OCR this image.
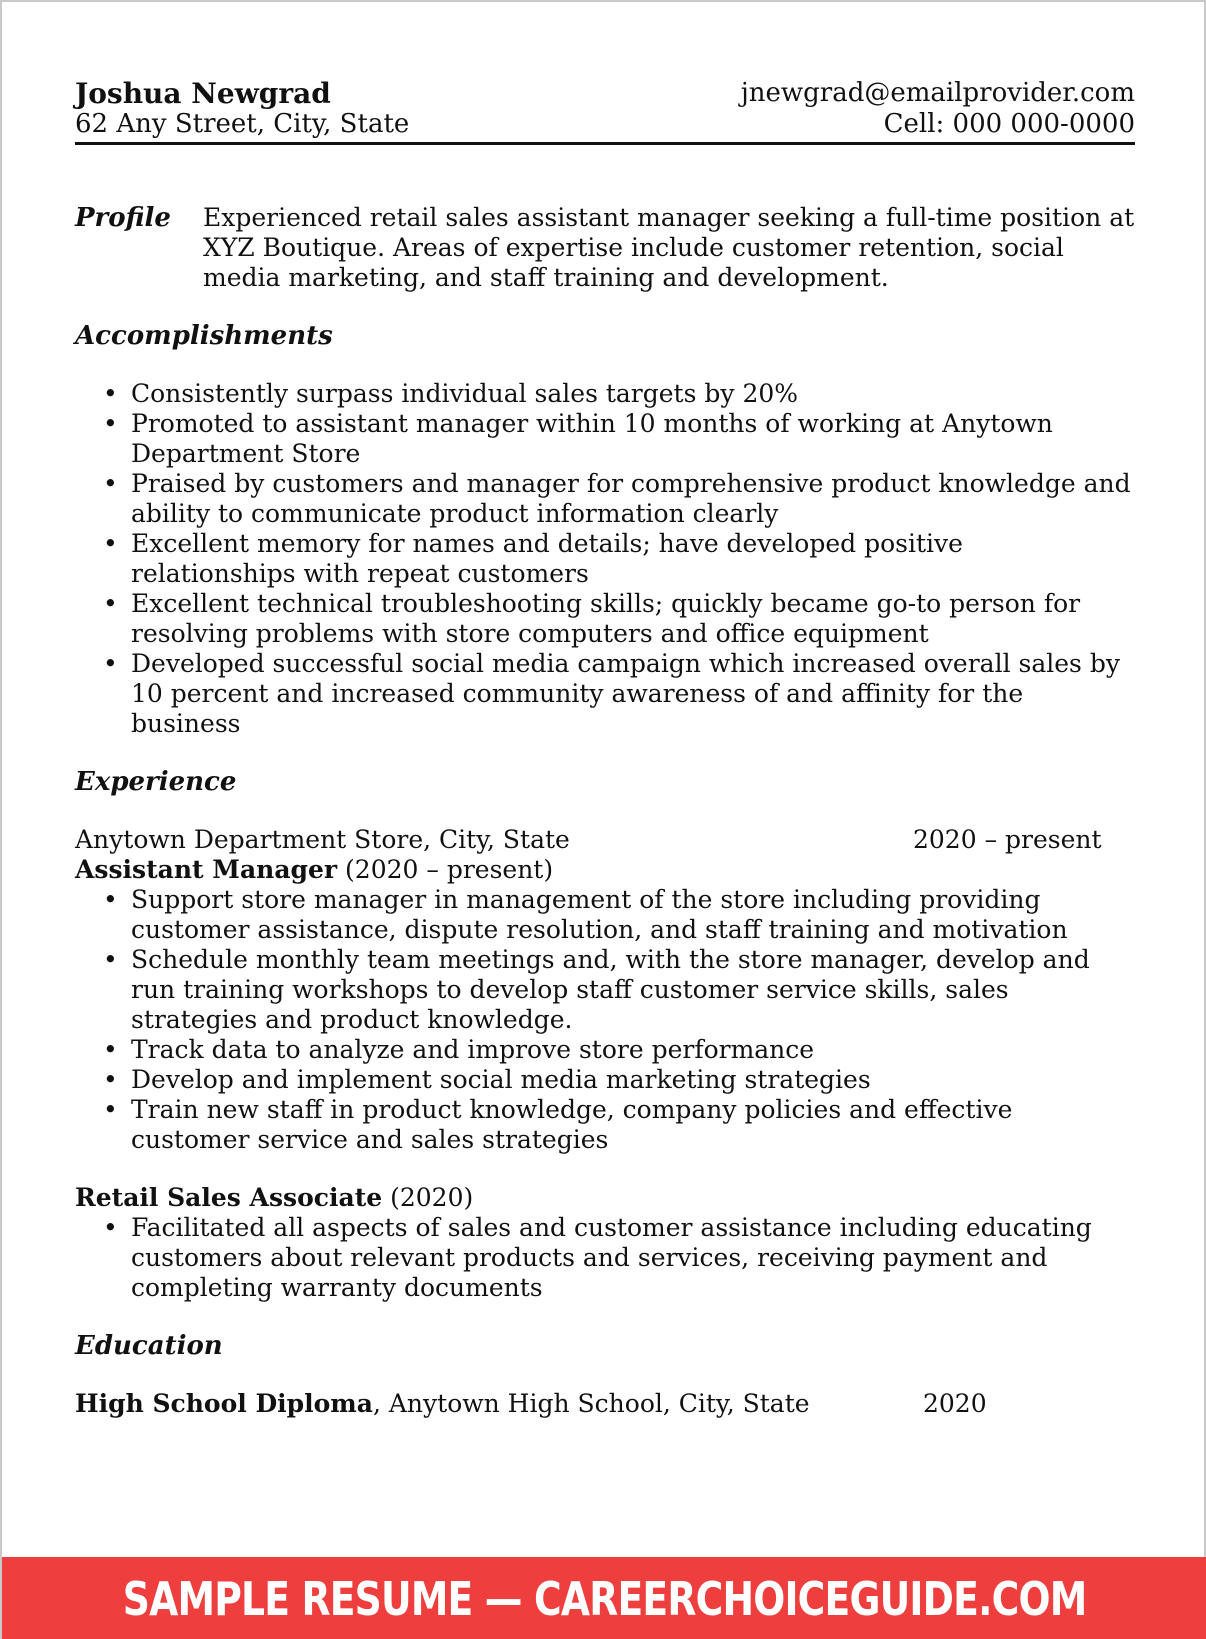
Joshua Newgrad
62 Any Street, City, State
jnewgrad@emailprovider.com
Cell: 000 000-0000
Profile	Experienced retail sales assistant manager seeking a full-time position at XYZ Boutique. Areas of expertise include customer retention, social media marketing, and staff training and development.
Accomplishments
• Consistently surpass individual sales targets by 20%
• Promoted to assistant manager within 10 months of working at Anytown Department Store
• Praised by customers and manager for comprehensive product knowledge and ability to communicate product information clearly
• Excellent memory for names and details; have developed positive relationships with repeat customers
• Excellent technical troubleshooting skills; quickly became go-to person for resolving problems with store computers and office equipment
• Developed successful social media campaign which increased overall sales by 10 percent and increased community awareness of and affinity for the business
Experience
Anytown Department Store, City, State	2020 – present
Assistant Manager (2020 – present)
• Support store manager in management of the store including providing customer assistance, dispute resolution, and staff training and motivation
• Schedule monthly team meetings and, with the store manager, develop and run training workshops to develop staff customer service skills, sales strategies and product knowledge.
• Track data to analyze and improve store performance
• Develop and implement social media marketing strategies
• Train new staff in product knowledge, company policies and effective customer service and sales strategies
Retail Sales Associate (2020)
• Facilitated all aspects of sales and customer assistance including educating customers about relevant products and services, receiving payment and completing warranty documents
Education
High School Diploma, Anytown High School, City, State	2020
SAMPLE RESUME — CAREERCHOICEGUIDE.COM
